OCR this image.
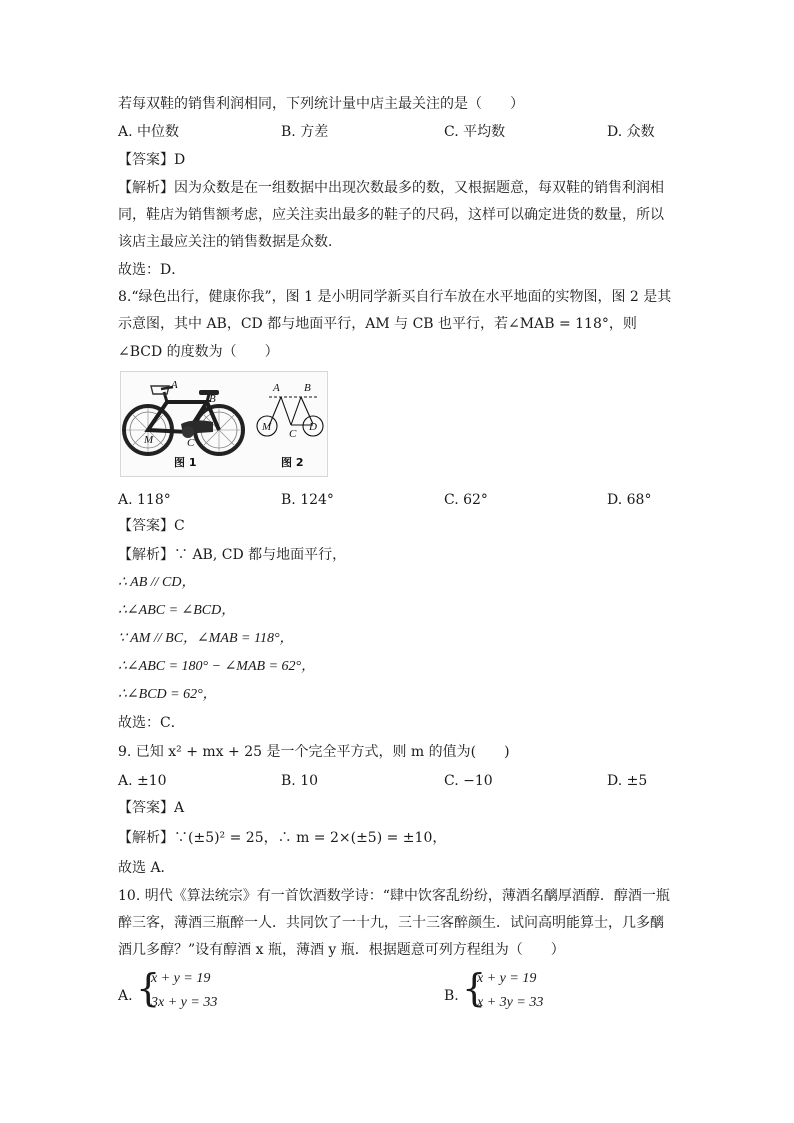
若每双鞋的销售利润相同，下列统计量中店主最关注的是（　　）
A. 中位数	B. 方差	C. 平均数	D. 众数
【答案】D
【解析】因为众数是在一组数据中出现次数最多的数，又根据题意，每双鞋的销售利润相
同，鞋店为销售额考虑，应关注卖出最多的鞋子的尺码，这样可以确定进货的数量，所以
该店主最应关注的销售数据是众数．
故选：D．
8.“绿色出行，健康你我”，图 1 是小明同学新买自行车放在水平地面的实物图，图 2 是其
示意图，其中 AB，CD 都与地面平行，AM 与 CB 也平行，若∠MAB = 118°，则
∠BCD 的度数为（　　）
A
B
M	C
图 1
A B
M
C
D
图 2
A. 118°	B. 124°	C. 62°	D. 68°
【答案】C
【解析】∵ AB, CD 都与地面平行，
∴ AB // CD，
∴∠ABC = ∠BCD，
∵ AM // BC，∠MAB = 118°，
∴∠ABC = 180° − ∠MAB = 62°，
∴∠BCD = 62°，
故选：C．
9. 已知 x² + mx + 25 是一个完全平方式，则 m 的值为(　　)
A. ±10	B. 10	C. −10	D. ±5
【答案】A
【解析】∵(±5)² = 25，∴ m = 2×(±5) = ±10，
故选 A．
10. 明代《算法统宗》有一首饮酒数学诗：“肆中饮客乱纷纷，薄酒名醨厚酒醇．醇酒一瓶
醉三客，薄酒三瓶醉一人．共同饮了一十九，三十三客醉颜生．试问高明能算士，几多醨
酒几多醇？”设有醇酒 x 瓶，薄酒 y 瓶．根据题意可列方程组为（　　）
A. {
x + y = 19
3x + y = 33	B. {
x + y = 19
x + 3y = 33
